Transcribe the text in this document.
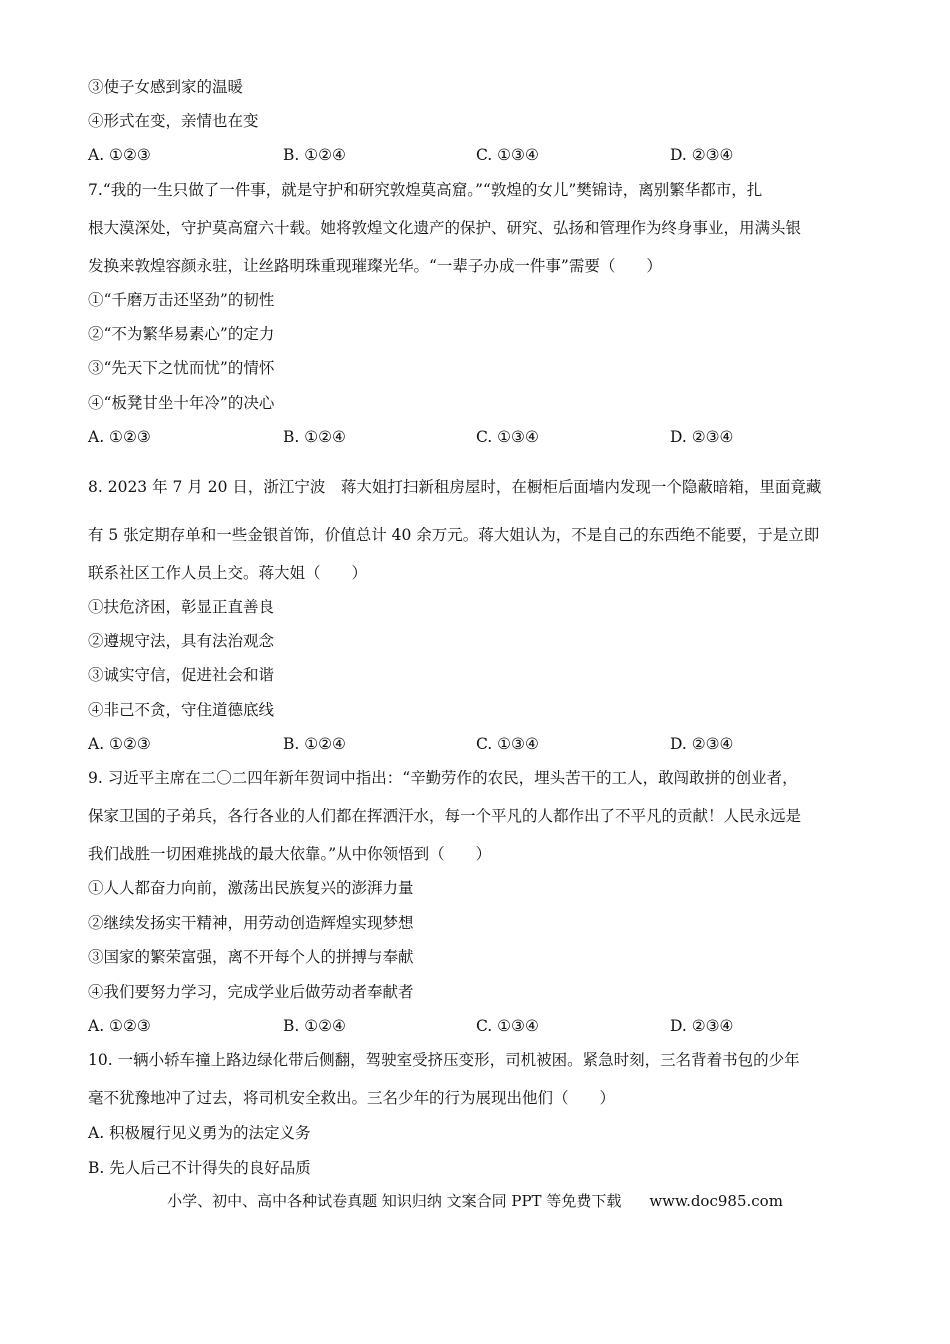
③使子女感到家的温暖
④形式在变，亲情也在变
A. ①②③	B. ①②④	C. ①③④	D. ②③④
7.“我的一生只做了一件事，就是守护和研究敦煌莫高窟。”“敦煌的女儿”樊锦诗，离别繁华都市，扎
根大漠深处，守护莫高窟六十载。她将敦煌文化遗产的保护、研究、弘扬和管理作为终身事业，用满头银
发换来敦煌容颜永驻，让丝路明珠重现璀璨光华。“一辈子办成一件事”需要（　　）
①“千磨万击还坚劲”的韧性
②“不为繁华易素心”的定力
③“先天下之忧而忧”的情怀
④“板凳甘坐十年冷”的决心
A. ①②③	B. ①②④	C. ①③④	D. ②③④
8. 2023 年 7 月 20 日，浙江宁波　蒋大姐打扫新租房屋时，在橱柜后面墙内发现一个隐蔽暗箱，里面竟藏
有 5 张定期存单和一些金银首饰，价值总计 40 余万元。蒋大姐认为，不是自己的东西绝不能要，于是立即
联系社区工作人员上交。蒋大姐（　　）
①扶危济困，彰显正直善良
②遵规守法，具有法治观念
③诚实守信，促进社会和谐
④非己不贪，守住道德底线
A. ①②③	B. ①②④	C. ①③④	D. ②③④
9. 习近平主席在二〇二四年新年贺词中指出：“辛勤劳作的农民，埋头苦干的工人，敢闯敢拼的创业者，
保家卫国的子弟兵，各行各业的人们都在挥洒汗水，每一个平凡的人都作出了不平凡的贡献！人民永远是
我们战胜一切困难挑战的最大依靠。”从中你领悟到（　　）
①人人都奋力向前，激荡出民族复兴的澎湃力量
②继续发扬实干精神，用劳动创造辉煌实现梦想
③国家的繁荣富强，离不开每个人的拼搏与奉献
④我们要努力学习，完成学业后做劳动者奉献者
A. ①②③	B. ①②④	C. ①③④	D. ②③④
10. 一辆小轿车撞上路边绿化带后侧翻，驾驶室受挤压变形，司机被困。紧急时刻，三名背着书包的少年
毫不犹豫地冲了过去，将司机安全救出。三名少年的行为展现出他们（　　）
A. 积极履行见义勇为的法定义务
B. 先人后己不计得失的良好品质
小学、初中、高中各种试卷真题 知识归纳 文案合同 PPT 等免费下载 www.doc985.com
